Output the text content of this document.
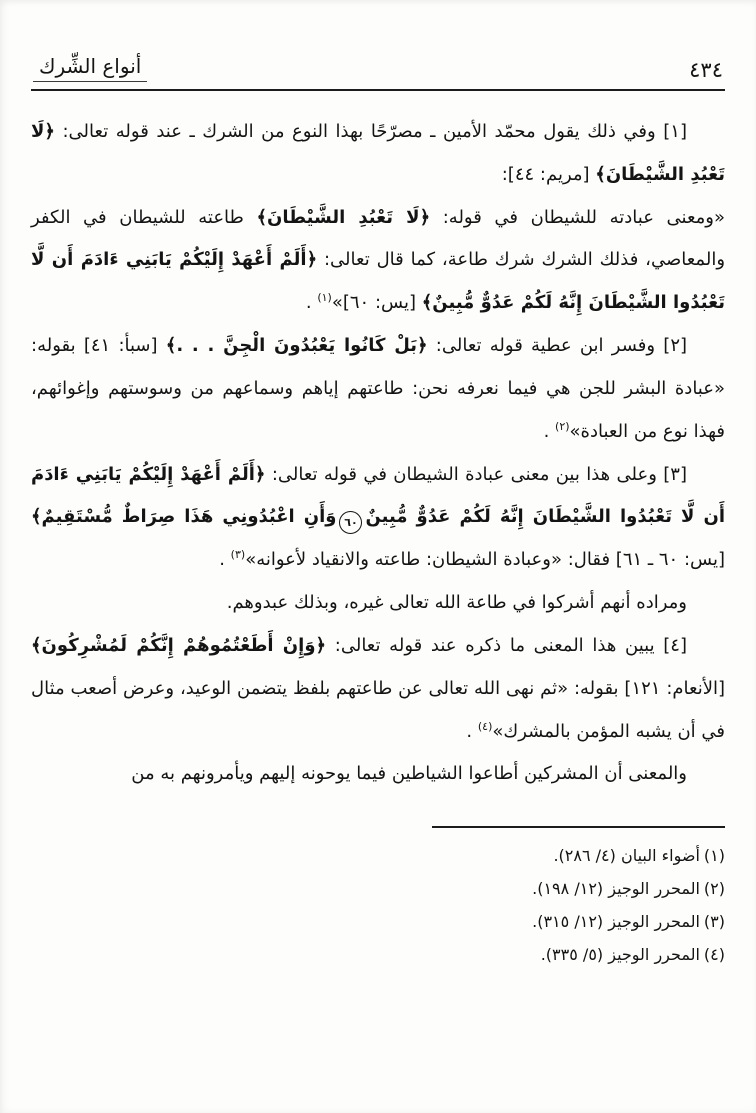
٤٣٤
أنواع الشِّرك

[١] وفي ذلك يقول محمّد الأمين ـ مصرّحًا بهذا النوع من الشرك ـ عند قوله تعالى: ﴿لَا تَعْبُدِ الشَّيْطَانَ﴾ [مريم: ٤٤]:

«ومعنى عبادته للشيطان في قوله: ﴿لَا تَعْبُدِ الشَّيْطَانَ﴾ طاعته للشيطان في الكفر والمعاصي، فذلك الشرك شرك طاعة، كما قال تعالى: ﴿أَلَمْ أَعْهَدْ إِلَيْكُمْ يَابَنِي ءَادَمَ أَن لَّا تَعْبُدُوا الشَّيْطَانَ إِنَّهُ لَكُمْ عَدُوٌّ مُّبِينٌ﴾ [يس: ٦٠]»$^{(١)}$ .

[٢] وفسر ابن عطية قوله تعالى: ﴿بَلْ كَانُوا يَعْبُدُونَ الْجِنَّ . . .﴾ [سبأ: ٤١] بقوله: «عبادة البشر للجن هي فيما نعرفه نحن: طاعتهم إياهم وسماعهم من وسوستهم وإغوائهم، فهذا نوع من العبادة»$^{(٢)}$ .

[٣] وعلى هذا بين معنى عبادة الشيطان في قوله تعالى: ﴿أَلَمْ أَعْهَدْ إِلَيْكُمْ يَابَنِي ءَادَمَ أَن لَّا تَعْبُدُوا الشَّيْطَانَ إِنَّهُ لَكُمْ عَدُوٌّ مُّبِينٌ٦٠وَأَنِ اعْبُدُونِي هَذَا صِرَاطٌ مُّسْتَقِيمٌ﴾ [يس: ٦٠ ـ ٦١] فقال: «وعبادة الشيطان: طاعته والانقياد لأعوانه»$^{(٣)}$ .

ومراده أنهم أشركوا في طاعة الله تعالى غيره، وبذلك عبدوهم.

[٤] يبين هذا المعنى ما ذكره عند قوله تعالى: ﴿وَإِنْ أَطَعْتُمُوهُمْ إِنَّكُمْ لَمُشْرِكُونَ﴾ [الأنعام: ١٢١] بقوله: «ثم نهى الله تعالى عن طاعتهم بلفظ يتضمن الوعيد، وعرض أصعب مثال في أن يشبه المؤمن بالمشرك»$^{(٤)}$ .

والمعنى أن المشركين أطاعوا الشياطين فيما يوحونه إليهم ويأمرونهم به من

(١)أضواء البيان (٤/ ٢٨٦).

(٢)المحرر الوجيز (١٢/ ١٩٨).

(٣)المحرر الوجيز (١٢/ ٣١٥).

(٤)المحرر الوجيز (٥/ ٣٣٥).
